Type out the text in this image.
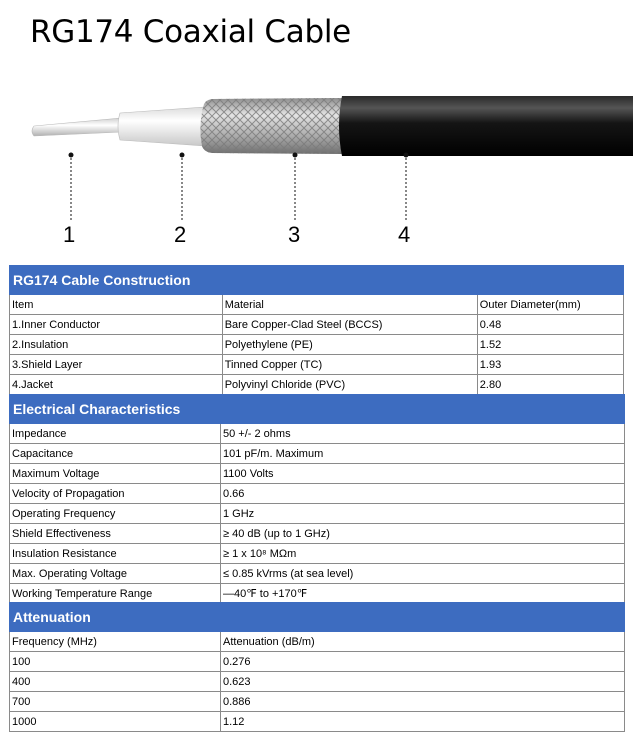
RG174 Coaxial Cable
1	2	3	4
RG174 Cable Construction		
Item	Material	Outer Diameter(mm)
1.Inner Conductor	Bare Copper-Clad Steel (BCCS)	0.48
2.Insulation	Polyethylene (PE)	1.52
3.Shield Layer	Tinned Copper (TC)	1.93
4.Jacket	Polyvinyl Chloride (PVC)	2.80
Electrical Characteristics	
Impedance	50 +/- 2 ohms
Capacitance	101 pF/m. Maximum
Maximum Voltage	1100 Volts
Velocity of Propagation	0.66
Operating Frequency	1 GHz
Shield Effectiveness	≥ 40 dB (up to 1 GHz)
Insulation Resistance	≥ 1 x 10⁸ MΩm
Max. Operating Voltage	≤ 0.85 kVrms (at sea level)
Working Temperature Range	—40℉ to +170℉
Attenuation	
Frequency (MHz)	Attenuation (dB/m)
100	0.276
400	0.623
700	0.886
1000	1.12
